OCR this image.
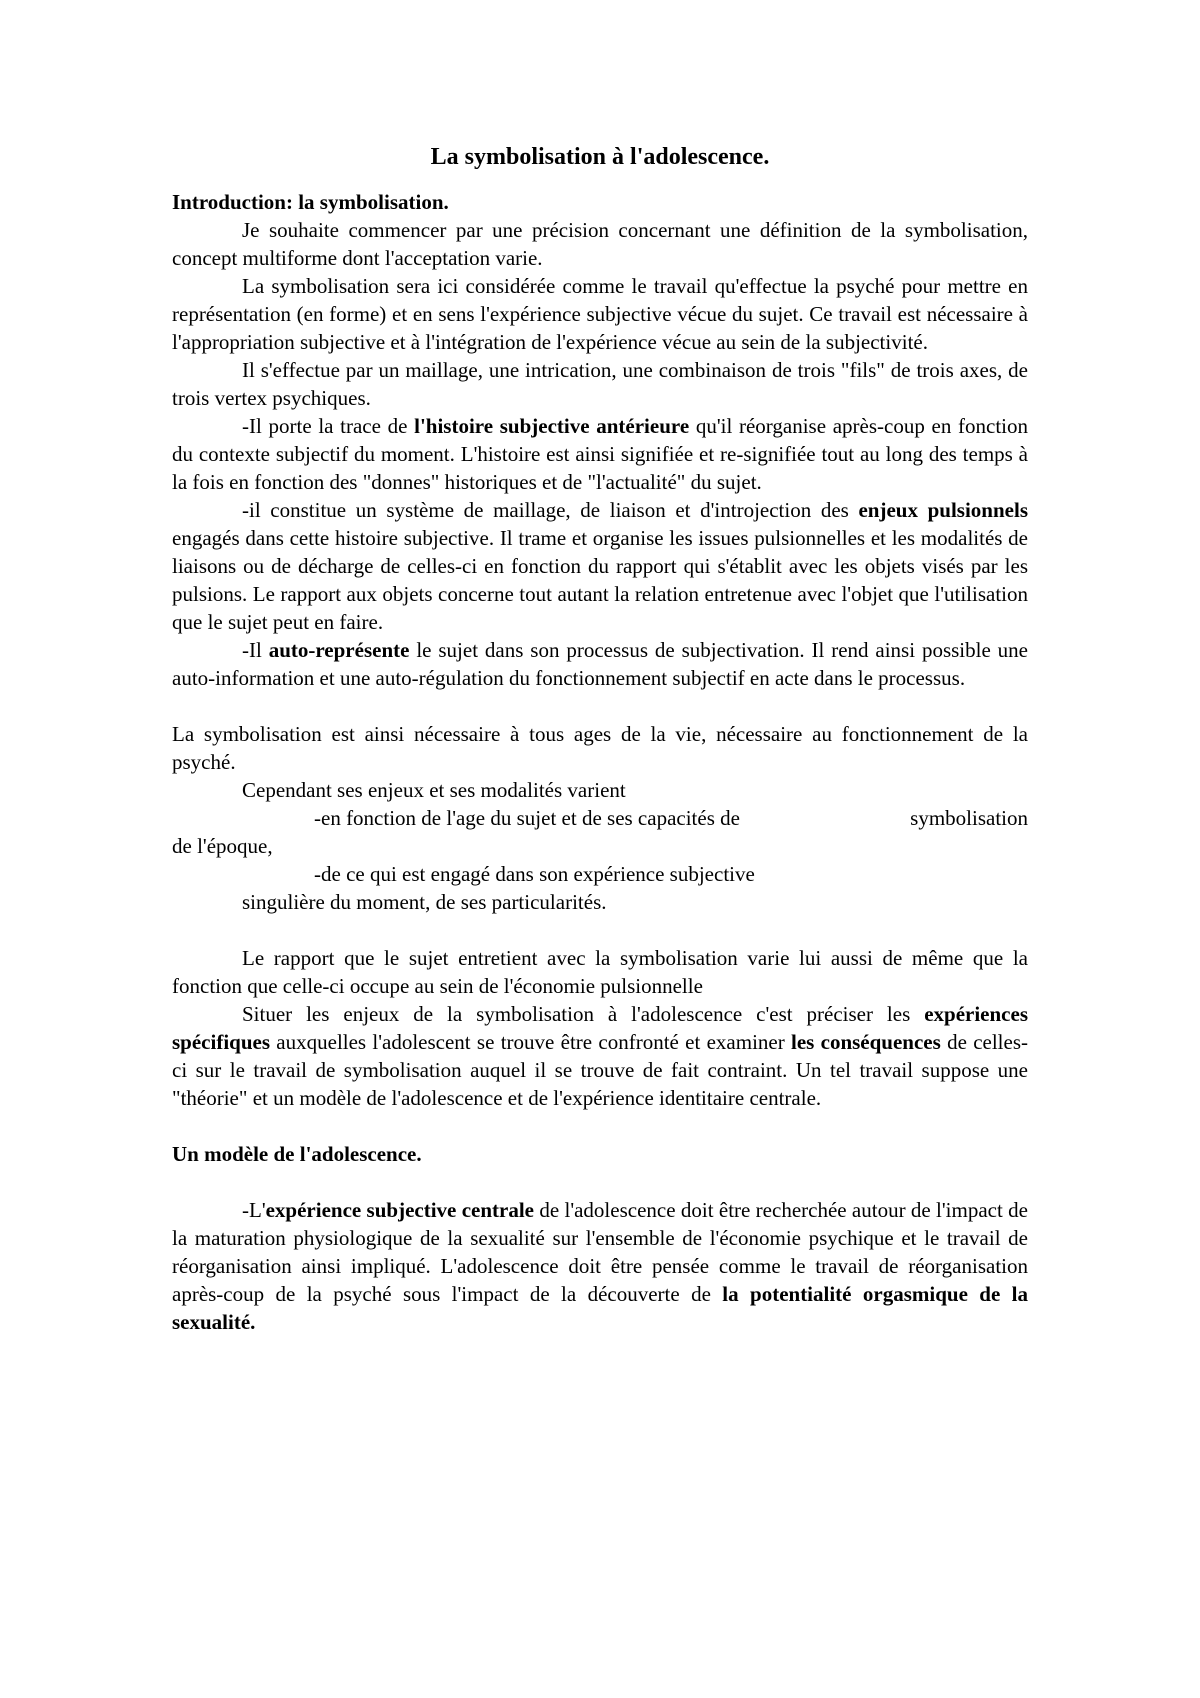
La symbolisation à l'adolescence.

Introduction: la symbolisation.

Je souhaite commencer par une précision concernant une définition de la symbolisation, concept multiforme dont l'acceptation varie.

La symbolisation sera ici considérée comme le travail qu'effectue la psyché pour mettre en représentation (en forme) et en sens l'expérience subjective vécue du sujet. Ce travail est nécessaire à l'appropriation subjective et à l'intégration de l'expérience vécue au sein de la subjectivité.

Il s'effectue par un maillage, une intrication, une combinaison de trois "fils" de trois axes, de trois vertex psychiques.

-Il porte la trace de l'histoire subjective antérieure qu'il réorganise après-coup en fonction du contexte subjectif du moment. L'histoire est ainsi signifiée et re-signifiée tout au long des temps à la fois en fonction des "donnes" historiques et de "l'actualité" du sujet.

-il constitue un système de maillage, de liaison et d'introjection des enjeux pulsionnels engagés dans cette histoire subjective. Il trame et organise les issues pulsionnelles et les modalités de liaisons ou de décharge de celles-ci en fonction du rapport qui s'établit avec les objets visés par les pulsions. Le rapport aux objets concerne tout autant la relation entretenue avec l'objet que l'utilisation que le sujet peut en faire.

-Il auto-représente le sujet dans son processus de subjectivation. Il rend ainsi possible une auto-information et une auto-régulation du fonctionnement subjectif en acte dans le processus.

La symbolisation est ainsi nécessaire à tous ages de la vie, nécessaire au fonctionnement de la psyché.

Cependant ses enjeux et ses modalités varient

-en fonction de l'age du sujet et de ses capacités de	symbolisation

de l'époque,

-de ce qui est engagé dans son expérience subjective

singulière du moment, de ses particularités.

Le rapport que le sujet entretient avec la symbolisation varie lui aussi de même que la fonction que celle-ci occupe au sein de l'économie pulsionnelle

Situer les enjeux de la symbolisation à l'adolescence c'est préciser les expériences spécifiques auxquelles l'adolescent se trouve être confronté et examiner les conséquences de celles-ci sur le travail de symbolisation auquel il se trouve de fait contraint. Un tel travail suppose une "théorie" et un modèle de l'adolescence et de l'expérience identitaire centrale.

Un modèle de l'adolescence.

-L'expérience subjective centrale de l'adolescence doit être recherchée autour de l'impact de la maturation physiologique de la sexualité sur l'ensemble de l'économie psychique et le travail de réorganisation ainsi impliqué. L'adolescence doit être pensée comme le travail de réorganisation après-coup de la psyché sous l'impact de la découverte de la potentialité orgasmique de la sexualité.
